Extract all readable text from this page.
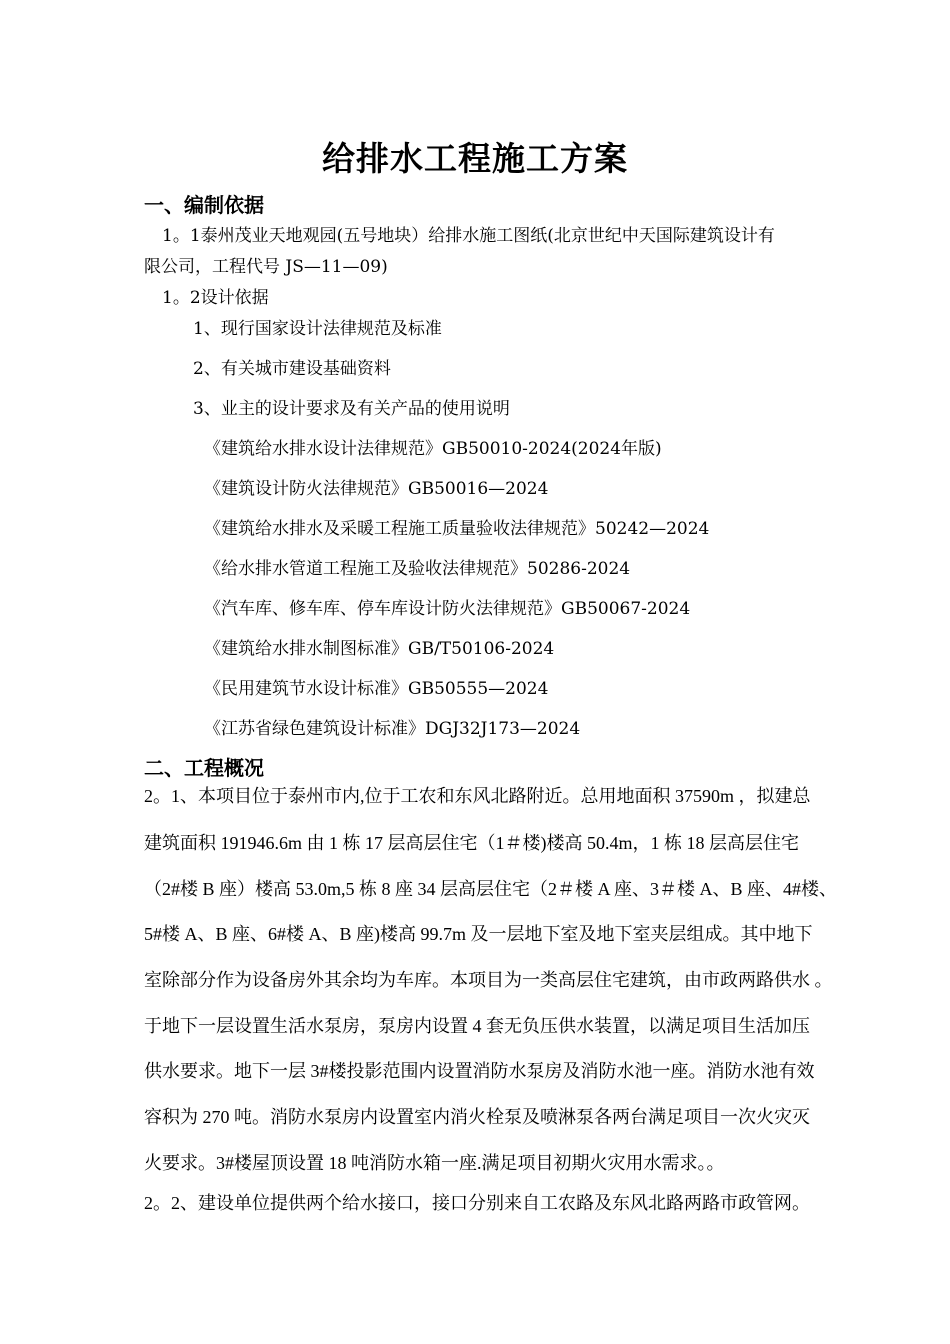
给排水工程施工方案
一、编制依据
1。1泰州茂业天地观园(五号地块）给排水施工图纸(北京世纪中天国际建筑设计有
限公司，工程代号 JS—11—09)
1。2设计依据
1、现行国家设计法律规范及标准
2、有关城市建设基础资料
3、业主的设计要求及有关产品的使用说明
《建筑给水排水设计法律规范》GB50010-2024(2024年版)
《建筑设计防火法律规范》GB50016—2024
《建筑给水排水及采暖工程施工质量验收法律规范》50242—2024
《给水排水管道工程施工及验收法律规范》50286-2024
《汽车库、修车库、停车库设计防火法律规范》GB50067-2024
《建筑给水排水制图标准》GB/T50106-2024
《民用建筑节水设计标准》GB50555—2024
《江苏省绿色建筑设计标准》DGJ32J173—2024
二、工程概况
2。1、本项目位于泰州市内,位于工农和东风北路附近。总用地面积 37590m ，拟建总
建筑面积 191946.6m 由 1 栋 17 层高层住宅（1＃楼)楼高 50.4m，1 栋 18 层高层住宅
（2#楼 B 座）楼高 53.0m,5 栋 8 座 34 层高层住宅（2＃楼 A 座、3＃楼 A、B 座、4#楼、
5#楼 A、B 座、6#楼 A、B 座)楼高 99.7m 及一层地下室及地下室夹层组成。其中地下
室除部分作为设备房外其余均为车库。本项目为一类高层住宅建筑，由市政两路供水 。
于地下一层设置生活水泵房，泵房内设置 4 套无负压供水装置，以满足项目生活加压
供水要求。地下一层 3#楼投影范围内设置消防水泵房及消防水池一座。消防水池有效
容积为 270 吨。消防水泵房内设置室内消火栓泵及喷淋泵各两台满足项目一次火灾灭
火要求。3#楼屋顶设置 18 吨消防水箱一座.满足项目初期火灾用水需求。。
2。2、建设单位提供两个给水接口，接口分别来自工农路及东风北路两路市政管网。
